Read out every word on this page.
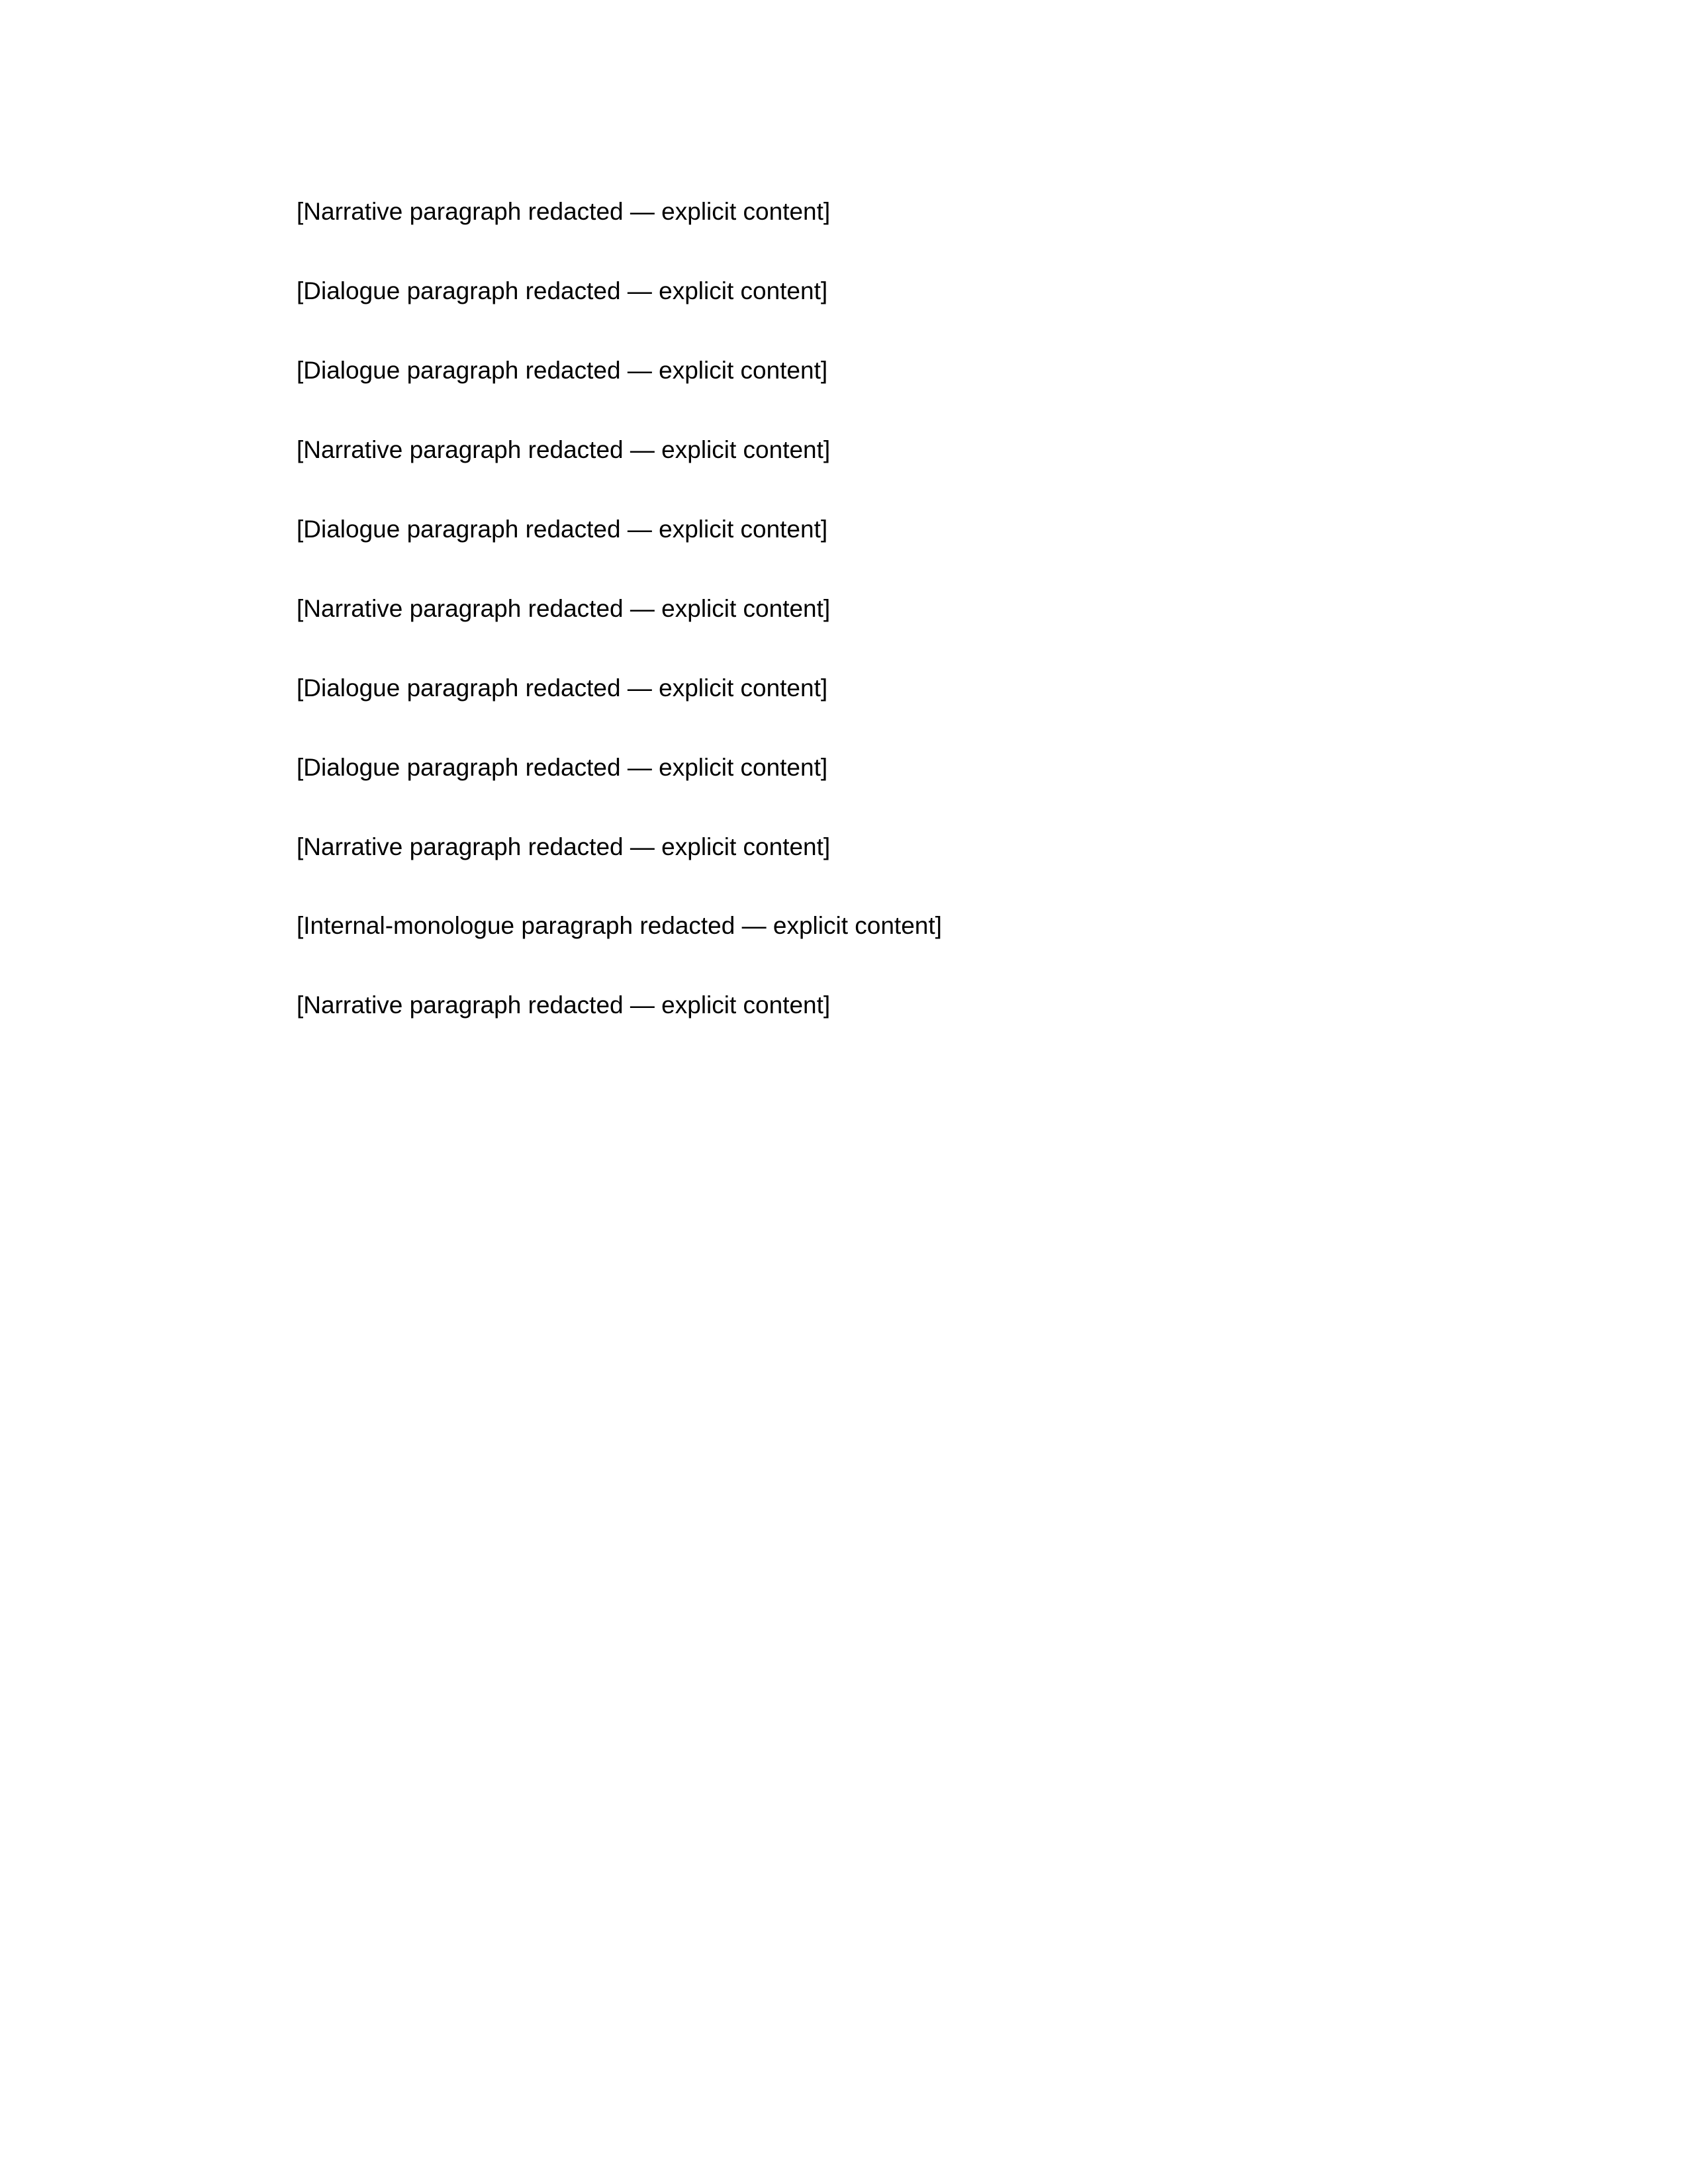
[Narrative paragraph redacted — explicit content]

[Dialogue paragraph redacted — explicit content]

[Dialogue paragraph redacted — explicit content]

[Narrative paragraph redacted — explicit content]

[Dialogue paragraph redacted — explicit content]

[Narrative paragraph redacted — explicit content]

[Dialogue paragraph redacted — explicit content]

[Dialogue paragraph redacted — explicit content]

[Narrative paragraph redacted — explicit content]

[Internal-monologue paragraph redacted — explicit content]

[Narrative paragraph redacted — explicit content]
